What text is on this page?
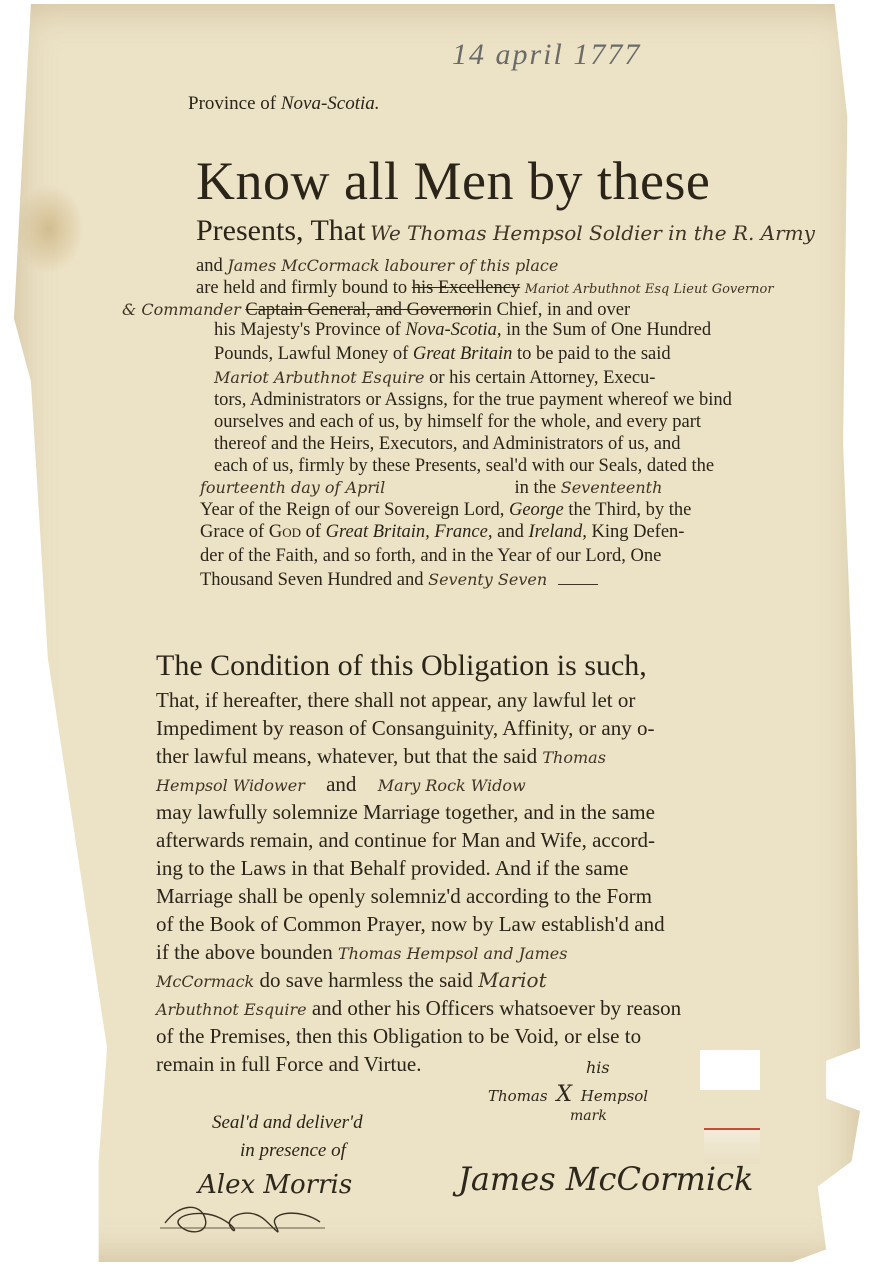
14 april 1777
Province of Nova-Scotia.
Know all Men by these
Presents, That We Thomas Hempsol Soldier in the R. Army
and James McCormack labourer of this place
are held and firmly bound to his Excellency Mariot Arbuthnot Esq Lieut Governor
& Commander Captain General, and Governorin Chief, in and over
his Majesty's Province of Nova-Scotia, in the Sum of One Hundred
Pounds, Lawful Money of Great Britain to be paid to the said
Mariot Arbuthnot Esquire or his certain Attorney, Execu-
tors, Administrators or Assigns, for the true payment whereof we bind
ourselves and each of us, by himself for the whole, and every part
thereof and the Heirs, Executors, and Administrators of us, and
each of us, firmly by these Presents, seal'd with our Seals, dated the
fourteenth day of April	in the Seventeenth
Year of the Reign of our Sovereign Lord, George the Third, by the
Grace of God of Great Britain, France, and Ireland, King Defen-
der of the Faith, and so forth, and in the Year of our Lord, One
Thousand Seven Hundred and Seventy Seven
The Condition of this Obligation is such,
That, if hereafter, there shall not appear, any lawful let or
Impediment by reason of Consanguinity, Affinity, or any o-
ther lawful means, whatever, but that the said Thomas
Hempsol Widower and Mary Rock Widow
may lawfully solemnize Marriage together, and in the same
afterwards remain, and continue for Man and Wife, accord-
ing to the Laws in that Behalf provided. And if the same
Marriage shall be openly solemniz'd according to the Form
of the Book of Common Prayer, now by Law establish'd and
if the above bounden Thomas Hempsol and James
McCormack do save harmless the said Mariot
Arbuthnot Esquire and other his Officers whatsoever by reason
of the Premises, then this Obligation to be Void, or else to
remain in full Force and Virtue.	his
Thomas X Hempsol
mark
Seal'd and deliver'd
in presence of
Alex Morris	James McCormick
